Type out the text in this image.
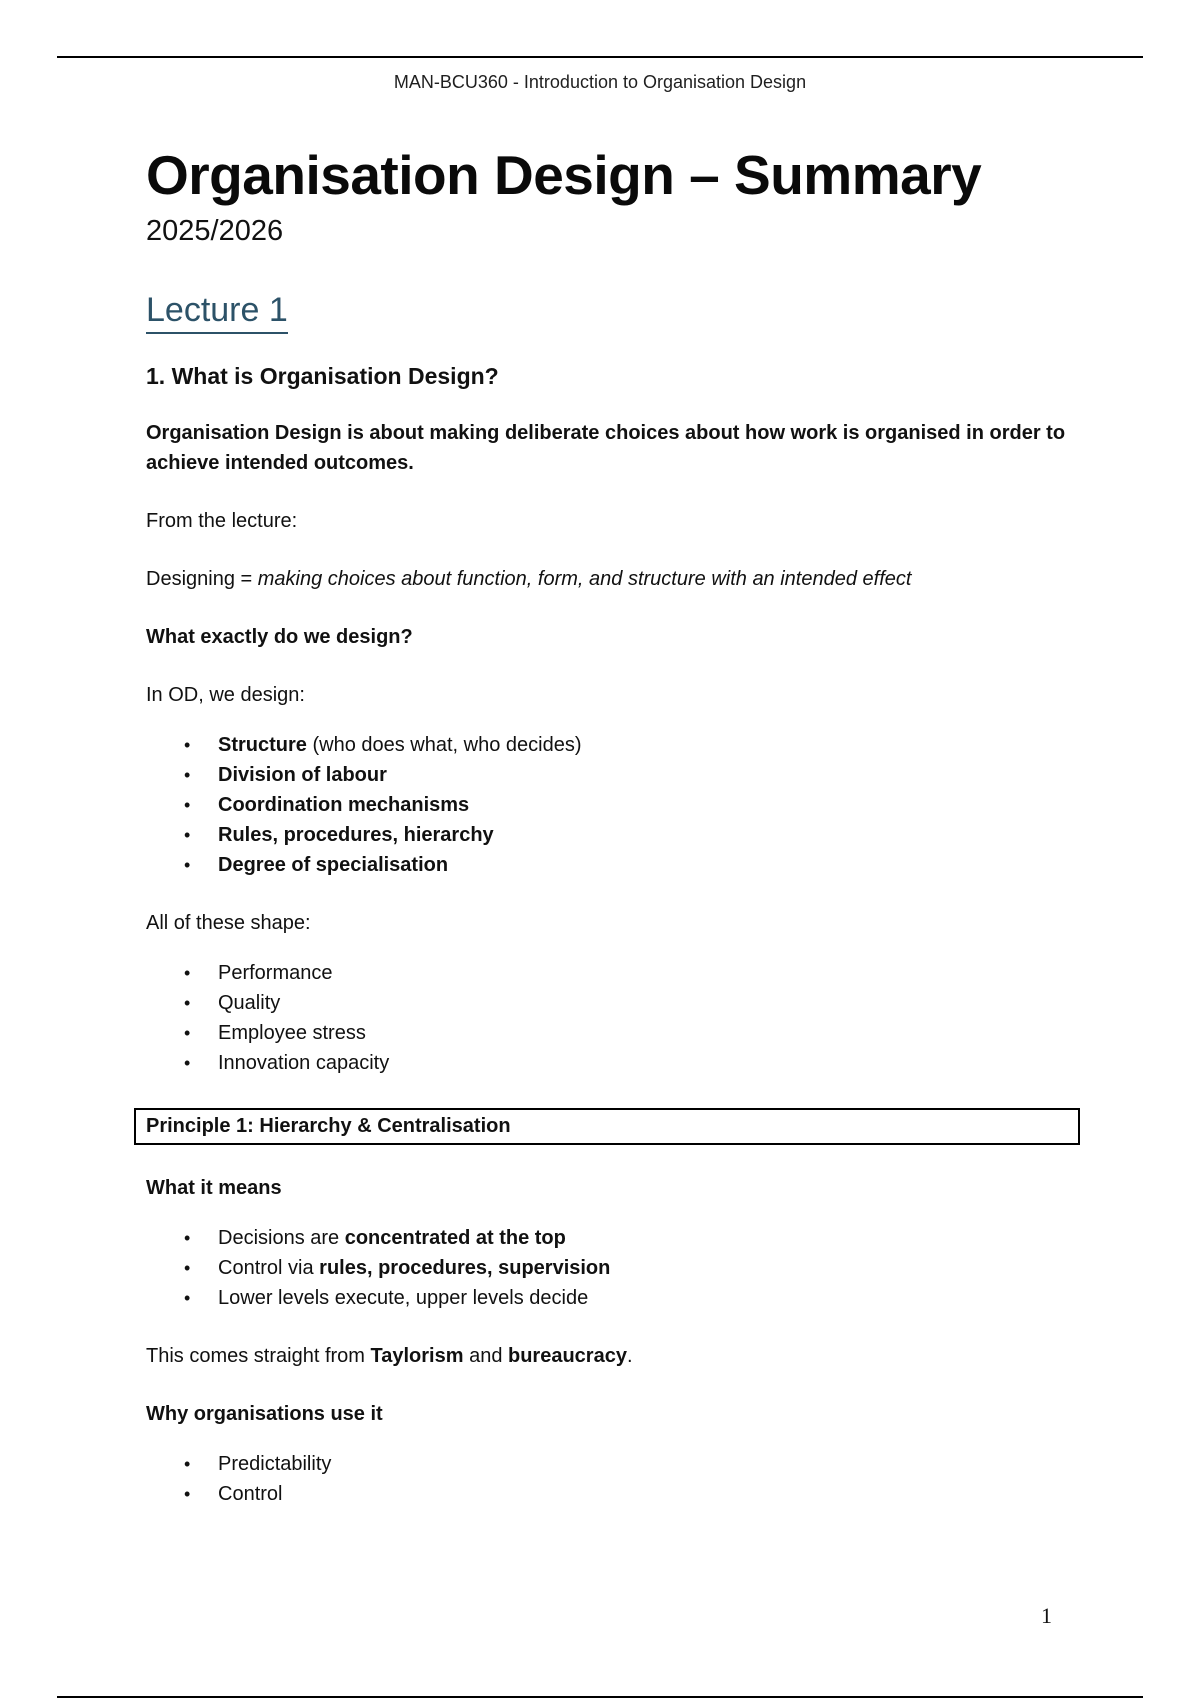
MAN-BCU360 - Introduction to Organisation Design
Organisation Design – Summary
2025/2026
Lecture 1
1. What is Organisation Design?
Organisation Design is about making deliberate choices about how work is organised in order to achieve intended outcomes.

From the lecture:

Designing = making choices about function, form, and structure with an intended effect

What exactly do we design?

In OD, we design:

• Structure (who does what, who decides)
• Division of labour
• Coordination mechanisms
• Rules, procedures, hierarchy
• Degree of specialisation

All of these shape:

• Performance
• Quality
• Employee stress
• Innovation capacity
Principle 1: Hierarchy & Centralisation
What it means
• Decisions are concentrated at the top
• Control via rules, procedures, supervision
• Lower levels execute, upper levels decide

This comes straight from Taylorism and bureaucracy.

Why organisations use it
• Predictability
• Control
1
